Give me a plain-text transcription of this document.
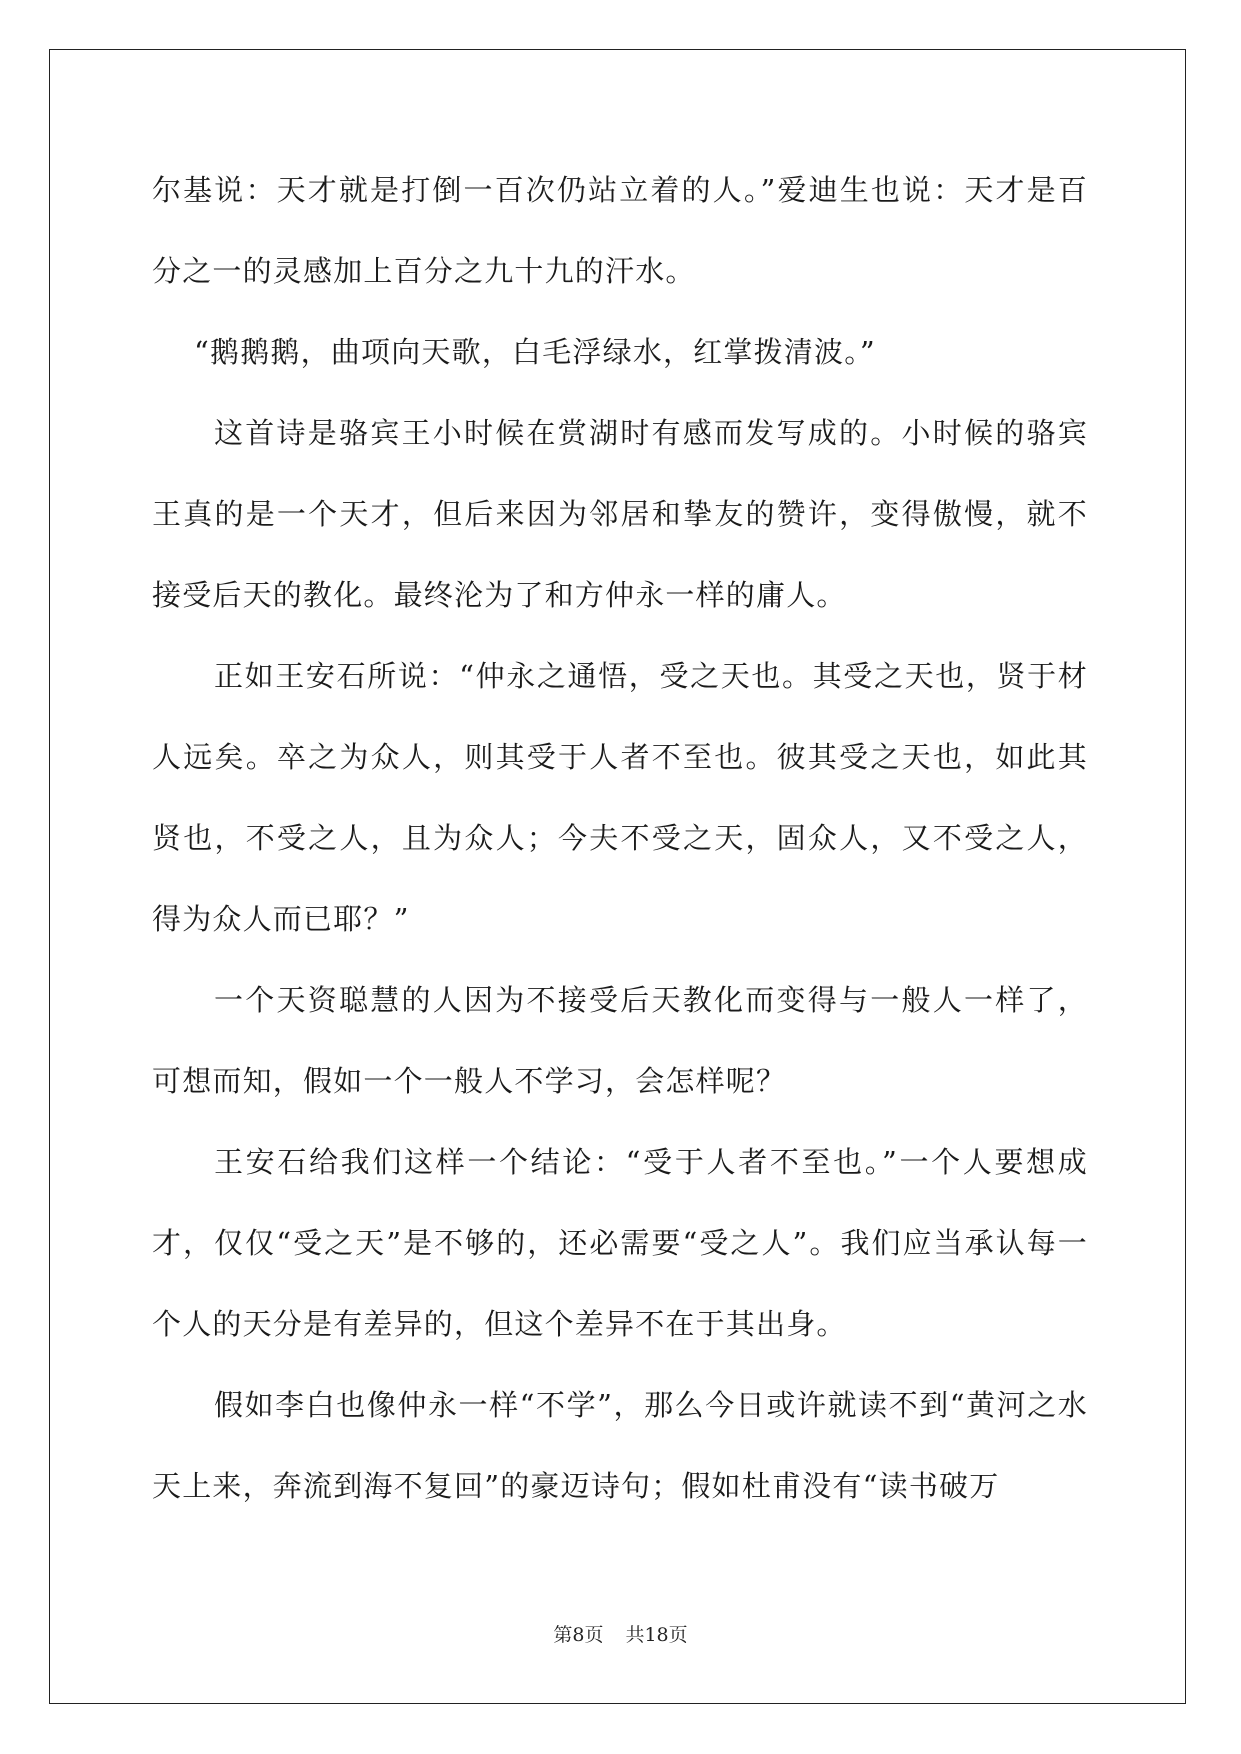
尔基说：天才就是打倒一百次仍站立着的人。”爱迪生也说：天才是百分之一的灵感加上百分之九十九的汗水。

“鹅鹅鹅，曲项向天歌，白毛浮绿水，红掌拨清波。”

这首诗是骆宾王小时候在赏湖时有感而发写成的。小时候的骆宾王真的是一个天才，但后来因为邻居和挚友的赞许，变得傲慢，就不接受后天的教化。最终沦为了和方仲永一样的庸人。

正如王安石所说：“仲永之通悟，受之天也。其受之天也，贤于材人远矣。卒之为众人，则其受于人者不至也。彼其受之天也，如此其贤也，不受之人，且为众人；今夫不受之天，固众人，又不受之人，得为众人而已耶？”

一个天资聪慧的人因为不接受后天教化而变得与一般人一样了，可想而知，假如一个一般人不学习，会怎样呢？

王安石给我们这样一个结论：“受于人者不至也。”一个人要想成才，仅仅“受之天”是不够的，还必需要“受之人”。我们应当承认每一个人的天分是有差异的，但这个差异不在于其出身。

假如李白也像仲永一样“不学”，那么今日或许就读不到“黄河之水天上来，奔流到海不复回”的豪迈诗句；假如杜甫没有“读书破万

第8页 共18页
